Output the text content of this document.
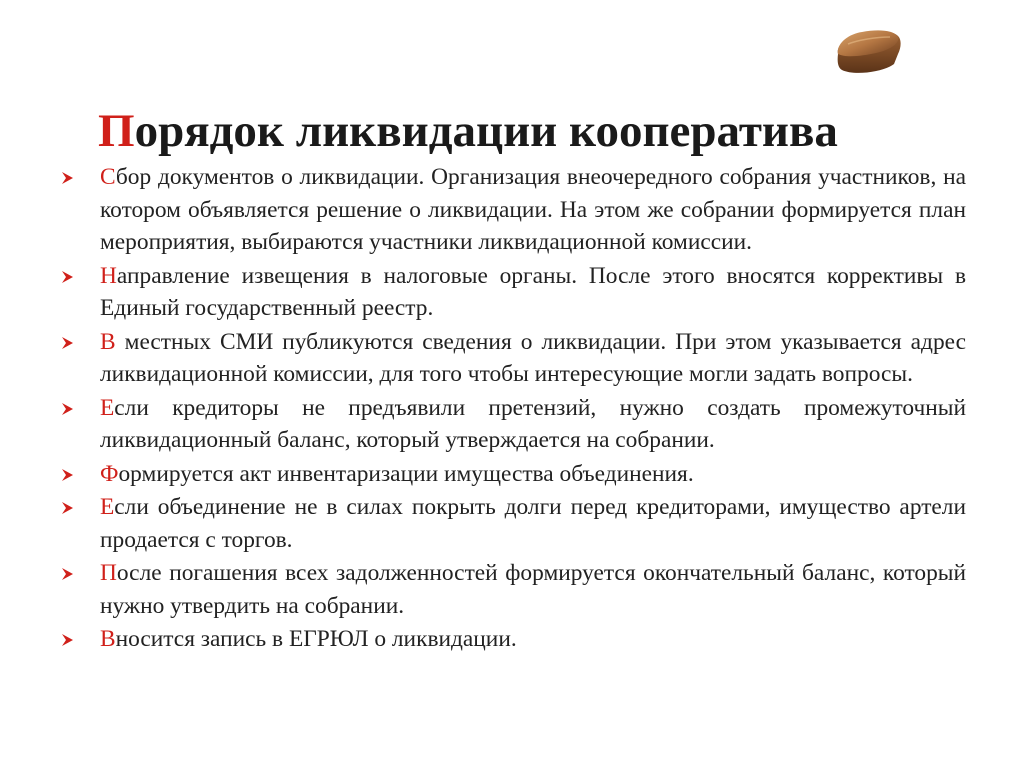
Порядок ликвидации кооператива
Сбор документов о ликвидации. Организация внеочередного собрания участников, на котором объявляется решение о ликвидации. На этом же собрании формируется план мероприятия, выбираются участники ликвидационной комиссии.
Направление извещения в налоговые органы. После этого вносятся коррективы в Единый государственный реестр.
В местных СМИ публикуются сведения о ликвидации. При этом указывается адрес ликвидационной комиссии, для того чтобы интересующие могли задать вопросы.
Если кредиторы не предъявили претензий, нужно создать промежуточный ликвидационный баланс, который утверждается на собрании.
Формируется акт инвентаризации имущества объединения.
Если объединение не в силах покрыть долги перед кредиторами, имущество артели продается с торгов.
После погашения всех задолженностей формируется окончательный баланс, который нужно утвердить на собрании.
Вносится запись в ЕГРЮЛ о ликвидации.
